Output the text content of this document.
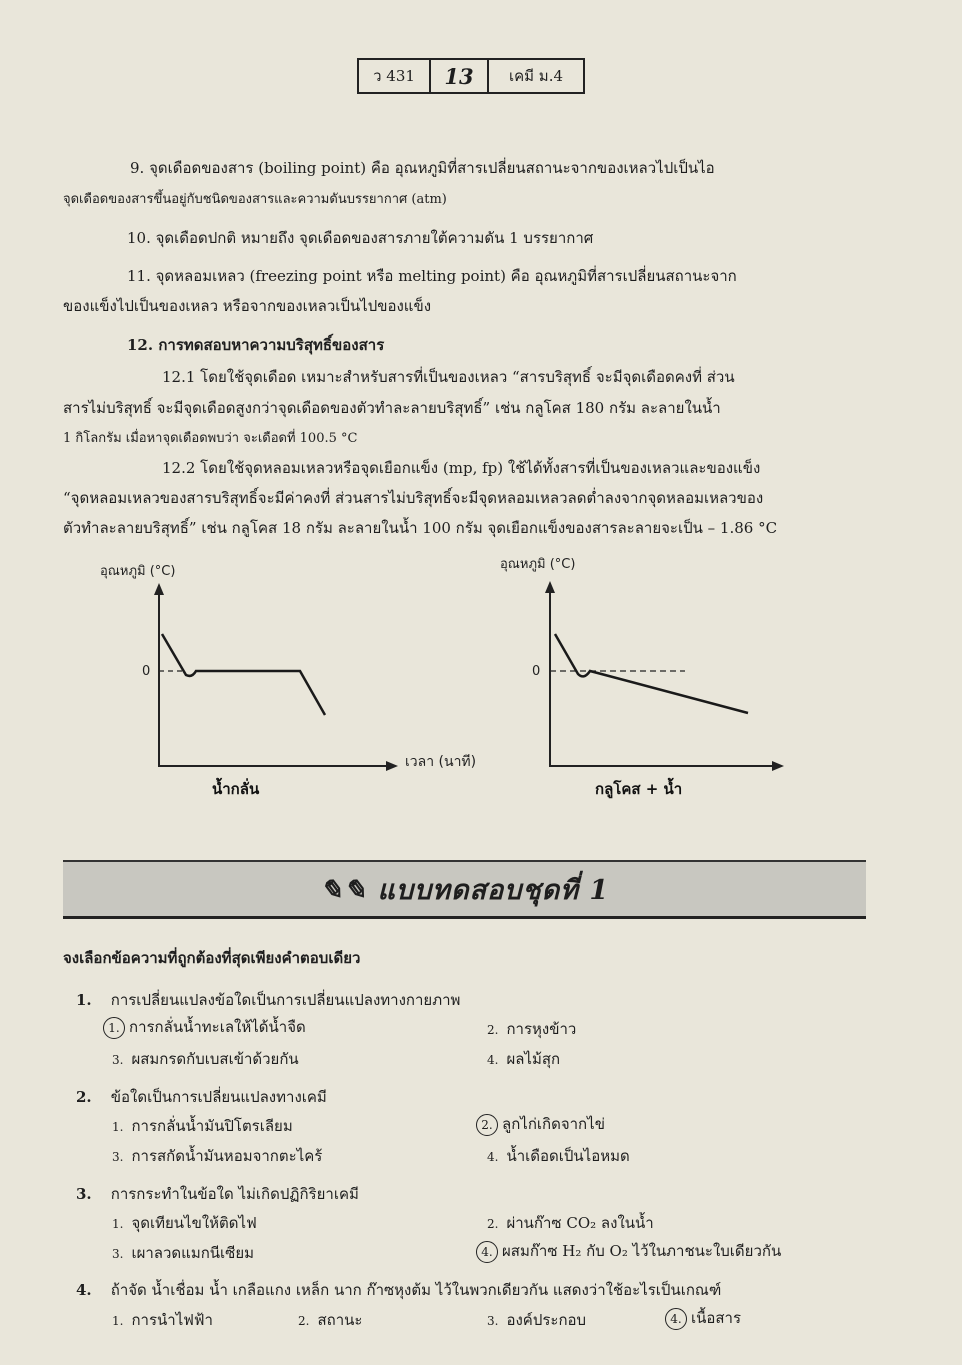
ว 431	13	เคมี ม.4
9. จุดเดือดของสาร (boiling point) คือ อุณหภูมิที่สารเปลี่ยนสถานะจากของเหลวไปเป็นไอ
จุดเดือดของสารขึ้นอยู่กับชนิดของสารและความดันบรรยากาศ (atm)
10. จุดเดือดปกติ หมายถึง จุดเดือดของสารภายใต้ความดัน 1 บรรยากาศ
11. จุดหลอมเหลว (freezing point หรือ melting point) คือ อุณหภูมิที่สารเปลี่ยนสถานะจาก
ของแข็งไปเป็นของเหลว หรือจากของเหลวเป็นไปของแข็ง
12. การทดสอบหาความบริสุทธิ์ของสาร
12.1 โดยใช้จุดเดือด เหมาะสำหรับสารที่เป็นของเหลว “สารบริสุทธิ์ จะมีจุดเดือดคงที่ ส่วน
สารไม่บริสุทธิ์ จะมีจุดเดือดสูงกว่าจุดเดือดของตัวทำละลายบริสุทธิ์” เช่น กลูโคส 180 กรัม ละลายในน้ำ
1 กิโลกรัม เมื่อหาจุดเดือดพบว่า จะเดือดที่ 100.5 °C
12.2 โดยใช้จุดหลอมเหลวหรือจุดเยือกแข็ง (mp, fp) ใช้ได้ทั้งสารที่เป็นของเหลวและของแข็ง
“จุดหลอมเหลวของสารบริสุทธิ์จะมีค่าคงที่ ส่วนสารไม่บริสุทธิ์จะมีจุดหลอมเหลวลดต่ำลงจากจุดหลอมเหลวของ
ตัวทำละลายบริสุทธิ์” เช่น กลูโคส 18 กรัม ละลายในน้ำ 100 กรัม จุดเยือกแข็งของสารละลายจะเป็น – 1.86 °C
อุณหภูมิ (°C)
0
เวลา (นาที)
น้ำกลั่น
อุณหภูมิ (°C)
0
กลูโคส + น้ำ
✎✎ แบบทดสอบชุดที่ 1
จงเลือกข้อความที่ถูกต้องที่สุดเพียงคำตอบเดียว
1. การเปลี่ยนแปลงข้อใดเป็นการเปลี่ยนแปลงทางกายภาพ
1. การกลั่นน้ำทะเลให้ได้น้ำจืด	2. การหุงข้าว
3. ผสมกรดกับเบสเข้าด้วยกัน	4. ผลไม้สุก
2. ข้อใดเป็นการเปลี่ยนแปลงทางเคมี
1. การกลั่นน้ำมันปิโตรเลียม	2. ลูกไก่เกิดจากไข่
3. การสกัดน้ำมันหอมจากตะไคร้	4. น้ำเดือดเป็นไอหมด
3. การกระทำในข้อใด ไม่เกิดปฏิกิริยาเคมี
1. จุดเทียนไขให้ติดไฟ	2. ผ่านก๊าซ CO₂ ลงในน้ำ
3. เผาลวดแมกนีเซียม	4. ผสมก๊าซ H₂ กับ O₂ ไว้ในภาชนะใบเดียวกัน
4. ถ้าจัด น้ำเชื่อม น้ำ เกลือแกง เหล็ก นาก ก๊าซหุงต้ม ไว้ในพวกเดียวกัน แสดงว่าใช้อะไรเป็นเกณฑ์
1. การนำไฟฟ้า	2. สถานะ	3. องค์ประกอบ	4. เนื้อสาร
